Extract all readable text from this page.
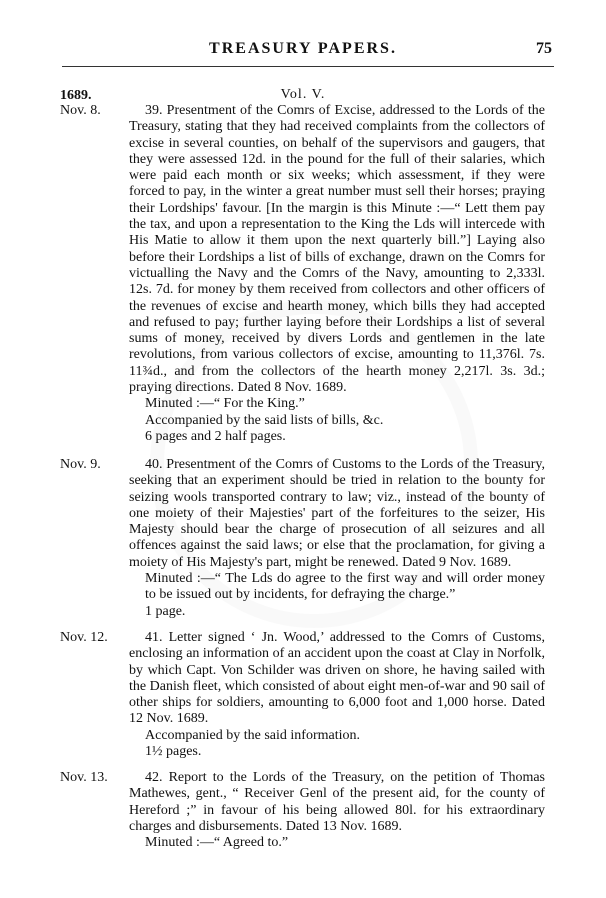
TREASURY PAPERS.	75
1689.	Vol. V.
Nov. 8.	39. Presentment of the Comrs of Excise, addressed to the Lords of the Treasury, stating that they had received complaints from the collectors of excise in several counties, on behalf of the supervisors and gaugers, that they were assessed 12d. in the pound for the full of their salaries, which were paid each month or six weeks; which assessment, if they were forced to pay, in the winter a great number must sell their horses; praying their Lordships' favour. [In the margin is this Minute :—“ Lett them pay the tax, and upon a representation to the King the Lds will intercede with His Matie to allow it them upon the next quarterly bill.”] Laying also before their Lordships a list of bills of exchange, drawn on the Comrs for victualling the Navy and the Comrs of the Navy, amounting to 2,333l. 12s. 7d. for money by them received from collectors and other officers of the revenues of excise and hearth money, which bills they had accepted and refused to pay; further laying before their Lordships a list of several sums of money, received by divers Lords and gentlemen in the late revolutions, from various collectors of excise, amounting to 11,376l. 7s. 11¾d., and from the collectors of the hearth money 2,217l. 3s. 3d.; praying directions. Dated 8 Nov. 1689.

Minuted :—“ For the King.”

Accompanied by the said lists of bills, &c.

6 pages and 2 half pages.

Nov. 9.	40. Presentment of the Comrs of Customs to the Lords of the Treasury, seeking that an experiment should be tried in relation to the bounty for seizing wools transported contrary to law; viz., instead of the bounty of one moiety of their Majesties' part of the forfeitures to the seizer, His Majesty should bear the charge of prosecution of all seizures and all offences against the said laws; or else that the proclamation, for giving a moiety of His Majesty's part, might be renewed. Dated 9 Nov. 1689.

Minuted :—“ The Lds do agree to the first way and will order money to be issued out by incidents, for defraying the charge.”

1 page.

Nov. 12.	41. Letter signed ‘ Jn. Wood,’ addressed to the Comrs of Customs, enclosing an information of an accident upon the coast at Clay in Norfolk, by which Capt. Von Schilder was driven on shore, he having sailed with the Danish fleet, which consisted of about eight men-of-war and 90 sail of other ships for soldiers, amounting to 6,000 foot and 1,000 horse. Dated 12 Nov. 1689.

Accompanied by the said information.

1½ pages.

Nov. 13.	42. Report to the Lords of the Treasury, on the petition of Thomas Mathewes, gent., “ Receiver Genl of the present aid, for the county of Hereford ;” in favour of his being allowed 80l. for his extraordinary charges and disbursements. Dated 13 Nov. 1689.

Minuted :—“ Agreed to.”
